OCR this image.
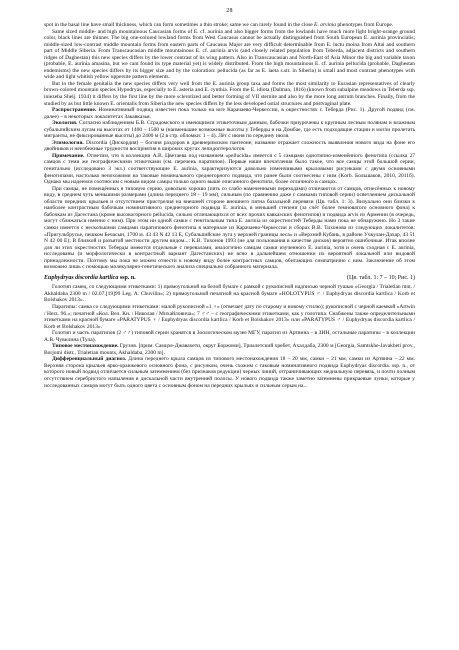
28

spot in the basal line have small thickness, which can form sometimes a thin stroke; same we can rarely found in the close E. arvinia phenotypes from Europe.

Same sized middle- and high mountainous Caucasian forms of E. cf. aurinia and also bigger forms from the lowlands have much more light bright-orange ground color, black lines are thinner. The big one-colored lowland forms from West Caucasus cannot be actually distinguished from South European E. aurinia provincialis; middle-sized low-contrast middle mountain forms from eastern parts of Caucasus Major are very difficult determinable from E. luctu moina from Altai and southern part of Middle Siberia. From Transcaucasian middle mountainous E. cf. aurinia arvis (and closely related population from Teberda, adjacent districts and southern ridges of Daghestan) this new species differs by the lower contrast of its wing pattern. Also in Transcaucasian and North-East of Asia Minor the big and variable taxon (probable, E. aurinia amasina, but we cant found its type material yet) is widely distributed. From the high mountainous E. cf. aurinia pellucida (probable, Daghestan endemisms) the new species differs by its bigger size and by the coloration: pellucida (as far as E. laeta s.str. in Siberia) is small and most contrast phenotypes with wide and light whitish yellow uppersite pattern elements.

But in the female genitalia the new species differs very well from the E. aurinia group taxa and forms the most similarity to Eurasian representatives of clearly brown-colored mountain species Hypodryas, especially to E. asteria and E. cynthia. From the E. idiota (Dalman, 1816) (known from subalpine meadows in Teberda ssp. iniezeba Shelj. 1934) it differs by the first line by the more sclerotized and better forming of VII sternite and also by the more long antrum branches. Finally, from the studied by as but little known E. orientalis from Siberia the new species differs by the less developed ostial structures and postvaginal plate.

Распространение. Номинативный подвид известен пока только на юге Карачаево-Черкессии, в окрестностях г. Теберда (Рис. 1). Другой подвид (см. далее) – в некоторых локалитетах Закавказья.

Экология. Согласно наблюдениям Б.В. Страдомского и имеющимся этикеточным данным, бабочки приурочены к крупным лесным полянам и влажным субальпийским лугам на высотах от 1400 – 1500 м (наименьшие возможные высоты у Теберды и на Домбае, где есть подходящие стации и могли пролетать мигранты, не фиксированные высоты) до 2400 м (2 в стр. обломки: 1 – 4). Лёт с июня по середину июля.

Этимология. Discordia (Дискордия) – богиня раздоров в древнеримском пантеоне; название отражает сложность выявления нового вида на фоне его двойников и неизбежные трудности восприятия в широких кругах лепидоптерологов.

Примечание. Отметим, что в коллекции А.В. Цветаева под названием «pellucida» имеется с 5 самцами однотипно-изменённого фенотипа (ссылка 27 самцов с теми же географическими этикетками (см. перечень паратипов). Первые наши впечатления было такое, что все самцы этой большой серии, генитально (исследовано 3 экз.) соответствующие E. aurinia, характеризуются довольно изменчивыми крыловыми рисунками с двумя основными фенотипами, настолько непохожими на таковые номинального среднегорного подвида, что ранее были соотнесены с ним (Korb. Большаков, 2010, 2011б). Однако мы надеемся соотносим с новым видом самцы только одного выше описанного фенотипа, более отличного в самцах.

При самцы, не помещённых в типовую серию, довольно хорошо (пять со слабо намеченными переходами) отличаются от самцов, отнесённых к новому виду, в среднем чуть меньшими размерами (длина переднего 18 – 19 мм), сильным (по сравнению даже с самками типовой серии) осветлением дискальной области передних крыльев и отсутствием пристрелия на внешней стороне внешнего пятна базальной перевязи (Цв. табл. 1: 3). Визуально они близки к наиболее контрастным бабочкам номинативного среднегорного подвида E. aurinia, в меньшей степени (за счёт более темноватого основного фона) к бабочкам из Дагестана (кроме высокогорного pellucida, сильно отличающихся от всех прочих кавказских фенотипов) и подвида arvis из Армении (в очередь, могут сближаться именно с ним). При этом ни одной самки с генитальным типа E. aurinia из окрестностей Теберды нами пока не обнаружено. Но 3 такие самки имеется с несколькими самцами паратипового фенотипа в материале из Карачаево-Черкессии и сборах В.В. Тихонова из следующих локалитетов: «Пригульбрусье, пешком Бечасын, 1700 м. 43 43 N 42 13 E, Субальпийские луга у верхней границы леса» и «Верхний Кубань, в районе Учкулан-Дахар, 43 51 N 42 00 E); В близкой и разъятой местности другим видом...: К.В. Тихонов 1993 (не для пользования в качестве дисков) вероятно ошибочные. Итак вполне для ли этих окрестностях Теберды имеются отдельные с перевалами, аналогично самцам самки изученного E. aurinia, хотя и очень сходная с E. aurinia, исследованы (и морфологически в контрастный вариант Дагестанских) не ясно в дальнейшем отношении их вероятной локальной или видовой принадлежности. Поэтому мы пока не можем отнести к новому виду более контрастных самцов, обитающих симпатрично с ним. Заключение об этом возможно лишь с помощью молекулярно-генетического анализа специально собранного материала.

Euphydryas discordia kartlica ssp. n.	(Цв. табл. 1: 7 – 10; Рис. 1)

Голотип самец, со следующими этикетками: 1) прямоугольной на белой бумаге с рамкой с рукописной надписью черной тушью «Georgia / Trialetian mnt. / Akhaldaba 2300 m / 02.07.[19]99 Leg. A. Chuvilin»; 2) прямоугольной печатной на красной бумаге «HOLOTYPUS ♂ / Euphydryas discordia kartlica / Korb et Bolshakov 2013».

Паратипы: самка со следующими этикетками: малой рукописной «1 ♀» (отвечает дату по старому и новому стилю); рукописной с черной каемкой «Artwin / Herz. 96.»; печатной «Кол. Вел. Кн. / Николая / Михайловича»; 7 ♂♂ – с географическими этикетками, как у голотипа. Снабжены также определительными этикетками на красной бумаге «PARATYPUS ♀ / Euphydryas discordia kartlica / Korb et Bolshakov 2013» или «PARATYPUS ♂ / Euphydryas discordia kartlica / Korb et Bolshakov 2013».

Голотип и часть паратипов (2 ♂♂) типовой серии хранятся в Зоологическом музее МГУ, паратип из Артвина – в ЗИН, остальные паратипы – в коллекции А.В. Чувилина (Тула).

Типовое местонахождение. Грузия. [прим. Самцхе-Джавахети, округ Боржоми], Триалетский хребет, Ахалдаба, 2300 м [Georgia, Samtskhe-Javakheti prov., Borjomi distr., Trialetian mounts, Akhaldaba, 2300 m].

Дифференциальный диагноз. Длина переднего крыла самцов из типового местонахождения 18 – 20 мм, самки – 21 мм, самки из Артвина – 22 мм. Верхняя сторона крыльев ярко-оранжевого основного фона, с рисунком, очень схожим с таковым номинативного подвида Euphydryas discordia. ssp. n., от которого новый подвид отличается сильным затемнением (без признаков редукции) черных линий, отграничивающих медиальную перевязь, и почти полным отсутствием серебристого напыления в дискальной части внутренней полосы. У нового подвида также заметно затемнены прикраевые лунки, которые у исследованных самцов могут быть одного цвета с основным фоном на передних крыльях и сильным серым на...
